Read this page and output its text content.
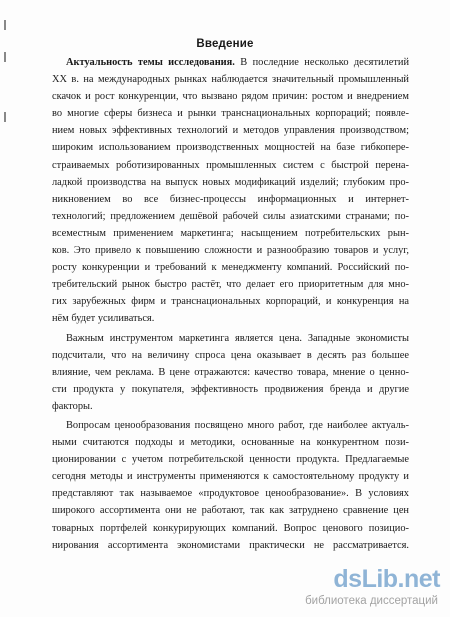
Введение
Актуальность темы исследования. В последние несколько десятилетий
XX в. на международных рынках наблюдается значительный промышленный
скачок и рост конкуренции, что вызвано рядом причин: ростом и внедрением
во многие сферы бизнеса и рынки транснациональных корпораций; появле-
нием новых эффективных технологий и методов управления производством;
широким использованием производственных мощностей на базе гибкопере-
страиваемых роботизированных промышленных систем с быстрой перена-
ладкой производства на выпуск новых модификаций изделий; глубоким про-
никновением во все бизнес-процессы информационных и интернет-
технологий; предложением дешёвой рабочей силы азиатскими странами; по-
всеместным применением маркетинга; насыщением потребительских рын-
ков. Это привело к повышению сложности и разнообразию товаров и услуг,
росту конкуренции и требований к менеджменту компаний. Российский по-
требительский рынок быстро растёт, что делает его приоритетным для мно-
гих зарубежных фирм и транснациональных корпораций, и конкуренция на
нём будет усиливаться.
Важным инструментом маркетинга является цена. Западные экономисты
подсчитали, что на величину спроса цена оказывает в десять раз большее
влияние, чем реклама. В цене отражаются: качество товара, мнение о ценно-
сти продукта у покупателя, эффективность продвижения бренда и другие
факторы.
Вопросам ценообразования посвящено много работ, где наиболее актуаль-
ными считаются подходы и методики, основанные на конкурентном пози-
ционировании с учетом потребительской ценности продукта. Предлагаемые
сегодня методы и инструменты применяются к самостоятельному продукту и
представляют так называемое «продуктовое ценообразование». В условиях
широкого ассортимента они не работают, так как затруднено сравнение цен
товарных портфелей конкурирующих компаний. Вопрос ценового позицио-
нирования ассортимента экономистами практически не рассматривается.
dsLib.net
библиотека диссертаций
